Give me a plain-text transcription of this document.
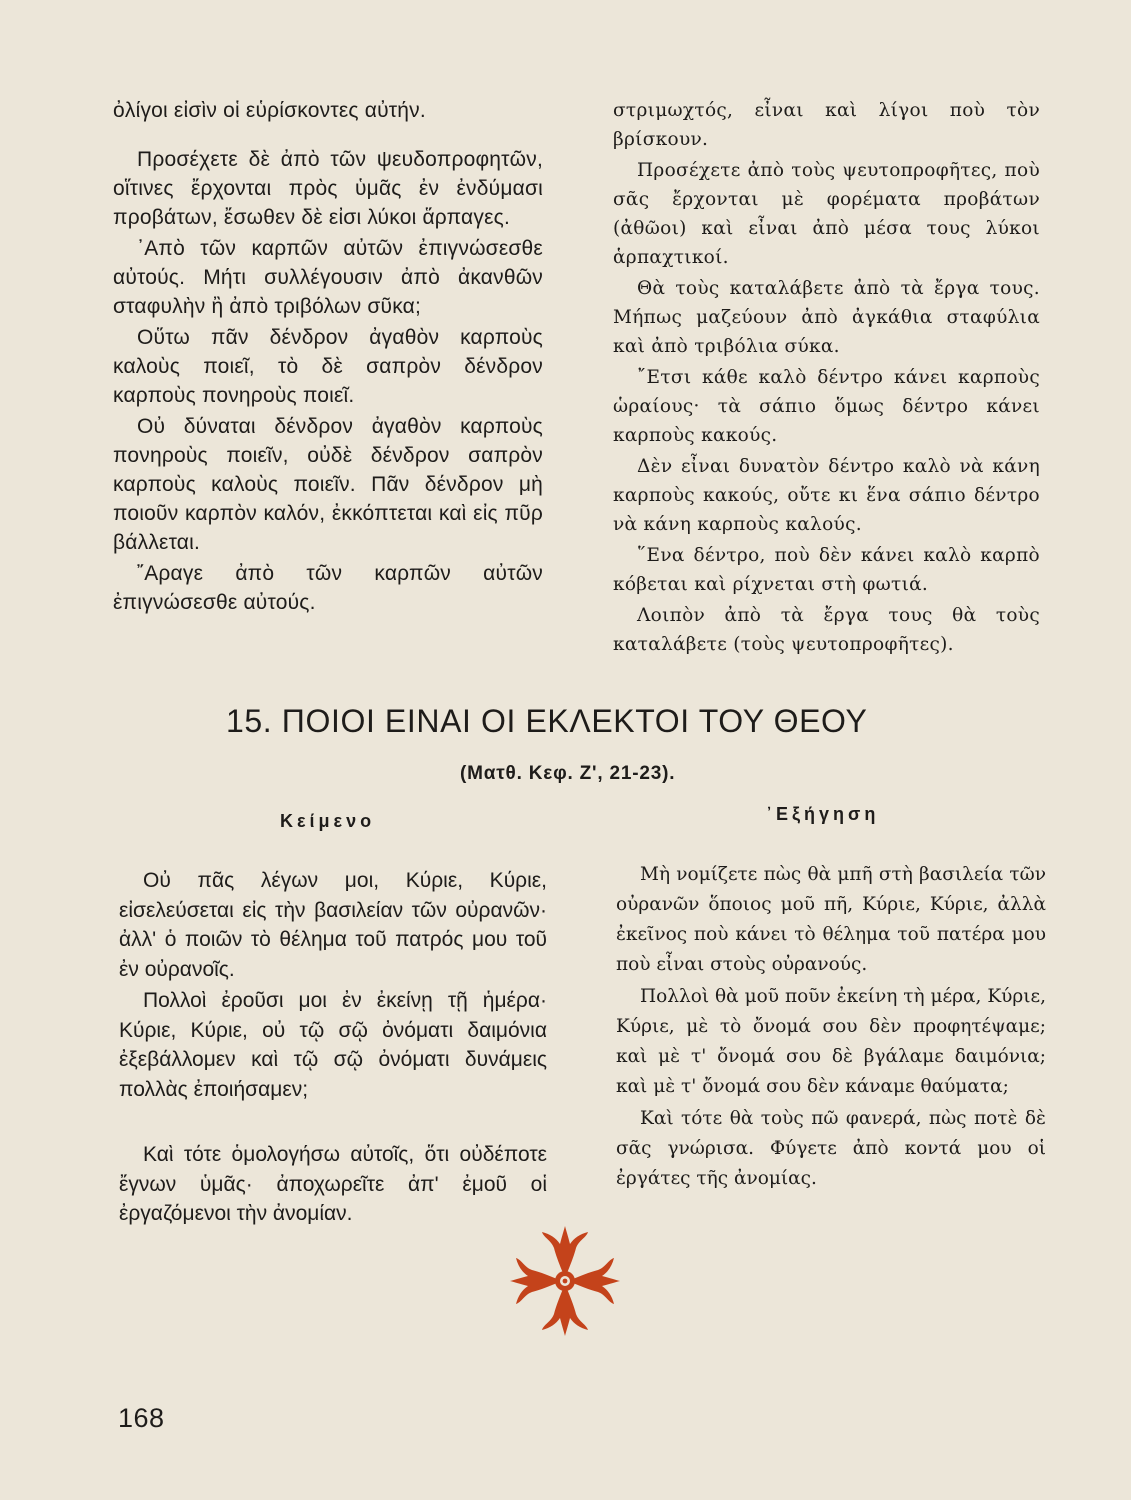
ὀλίγοι εἰσὶν οἱ εὑρίσκοντες αὐτήν.

Προσέχετε δὲ ἀπὸ τῶν ψευδοπροφητῶν, οἵτινες ἔρχονται πρὸς ὑμᾶς ἐν ἐνδύμασι προβάτων, ἔσωθεν δὲ εἰσι λύκοι ἅρπαγες.

᾿Απὸ τῶν καρπῶν αὐτῶν ἐπιγνώσεσθε αὐτούς. Μήτι συλλέγουσιν ἀπὸ ἀκανθῶν σταφυλὴν ἢ ἀπὸ τριβόλων σῦκα;

Οὕτω πᾶν δένδρον ἀγαθὸν καρποὺς καλοὺς ποιεῖ, τὸ δὲ σαπρὸν δένδρον καρποὺς πονηροὺς ποιεῖ.

Οὐ δύναται δένδρον ἀγαθὸν καρποὺς πονηροὺς ποιεῖν, οὐδὲ δένδρον σαπρὸν καρποὺς καλοὺς ποιεῖν. Πᾶν δένδρον μὴ ποιοῦν καρπὸν καλόν, ἐκκόπτεται καὶ εἰς πῦρ βάλλεται.

῎Αραγε ἀπὸ τῶν καρπῶν αὐτῶν ἐπιγνώσεσθε αὐτούς.

στριμωχτός, εἶναι καὶ λίγοι ποὺ τὸν βρίσκουν.

Προσέχετε ἀπὸ τοὺς ψευτοπροφῆτες, ποὺ σᾶς ἔρχονται μὲ φορέματα προβάτων (ἀθῶοι) καὶ εἶναι ἀπὸ μέσα τους λύκοι ἁρπαχτικοί.

Θὰ τοὺς καταλάβετε ἀπὸ τὰ ἔργα τους. Μήπως μαζεύουν ἀπὸ ἀγκάθια σταφύλια καὶ ἀπὸ τριβόλια σύκα.

῎Ετσι κάθε καλὸ δέντρο κάνει καρποὺς ὡραίους· τὰ σάπιο ὅμως δέντρο κάνει καρποὺς κακούς.

Δὲν εἶναι δυνατὸν δέντρο καλὸ νὰ κάνη καρποὺς κακούς, οὔτε κι ἕνα σάπιο δέντρο νὰ κάνη καρποὺς καλούς.

῞Ενα δέντρο, ποὺ δὲν κάνει καλὸ καρπὸ κόβεται καὶ ρίχνεται στὴ φωτιά.

Λοιπὸν ἀπὸ τὰ ἔργα τους θὰ τοὺς καταλάβετε (τοὺς ψευτοπροφῆτες).

15. ΠΟΙΟΙ ΕΙΝΑΙ ΟΙ ΕΚΛΕΚΤΟΙ ΤΟΥ ΘΕΟΥ
(Ματθ. Κεφ. Ζ', 21-23).
Κείμενο	᾿Εξήγηση

Οὐ πᾶς λέγων μοι, Κύριε, Κύριε, εἰσελεύσεται εἰς τὴν βασιλείαν τῶν οὐρανῶν· ἀλλ' ὁ ποιῶν τὸ θέλημα τοῦ πατρός μου τοῦ ἐν οὐρανοῖς.

Πολλοὶ ἐροῦσι μοι ἐν ἐκείνῃ τῇ ἡμέρα· Κύριε, Κύριε, οὐ τῷ σῷ ὀνόματι δαιμόνια ἐξεβάλλομεν καὶ τῷ σῷ ὀνόματι δυνάμεις πολλὰς ἐποιήσαμεν;

Καὶ τότε ὁμολογήσω αὐτοῖς, ὅτι οὐδέποτε ἔγνων ὑμᾶς· ἀποχωρεῖτε ἀπ' ἐμοῦ οἱ ἐργαζόμενοι τὴν ἀνομίαν.

Μὴ νομίζετε πὼς θὰ μπῆ στὴ βασιλεία τῶν οὐρανῶν ὅποιος μοῦ πῆ, Κύριε, Κύριε, ἀλλὰ ἐκεῖνος ποὺ κάνει τὸ θέλημα τοῦ πατέρα μου ποὺ εἶναι στοὺς οὐρανούς.

Πολλοὶ θὰ μοῦ ποῦν ἐκείνη τὴ μέρα, Κύριε, Κύριε, μὲ τὸ ὄνομά σου δὲν προφητέψαμε; καὶ μὲ τ' ὄνομά σου δὲ βγάλαμε δαιμόνια; καὶ μὲ τ' ὄνομά σου δὲν κάναμε θαύματα;

Καὶ τότε θὰ τοὺς πῶ φανερά, πὼς ποτὲ δὲ σᾶς γνώρισα. Φύγετε ἀπὸ κοντά μου οἱ ἐργάτες τῆς ἀνομίας.

168
